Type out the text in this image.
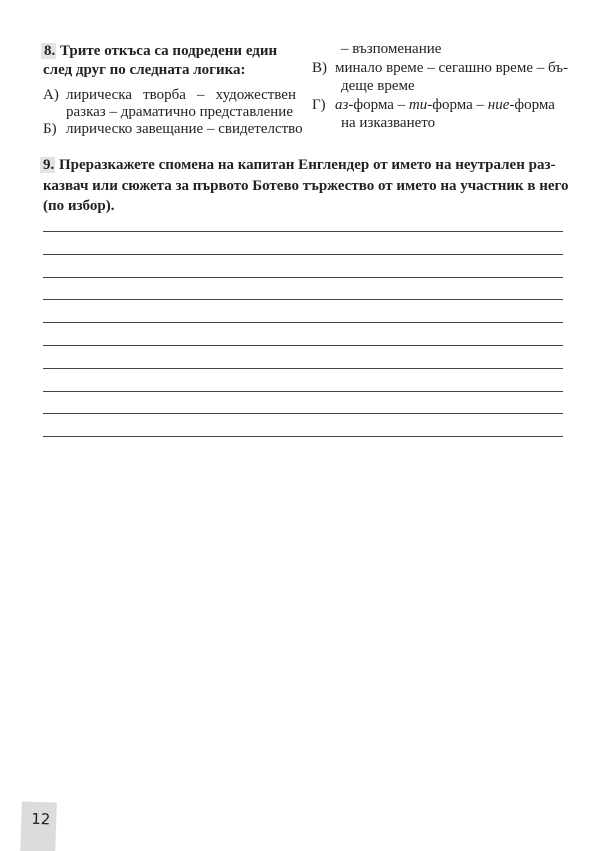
8. Трите откъса са подредени един
след друг по следната логика:
А) лирическа творба – художествен
разказ – драматично представление
Б) лирическо завещание – свидетелство
– възпоменание
В) минало време – сегашно време – бъ-
деще време
Г) аз-форма – ти-форма – ние-форма
на изказването
9. Преразкажете спомена на капитан Енглендер от името на неутрален раз-
казвач или сюжета за първото Ботево тържество от името на участник в него
(по избор).
12
